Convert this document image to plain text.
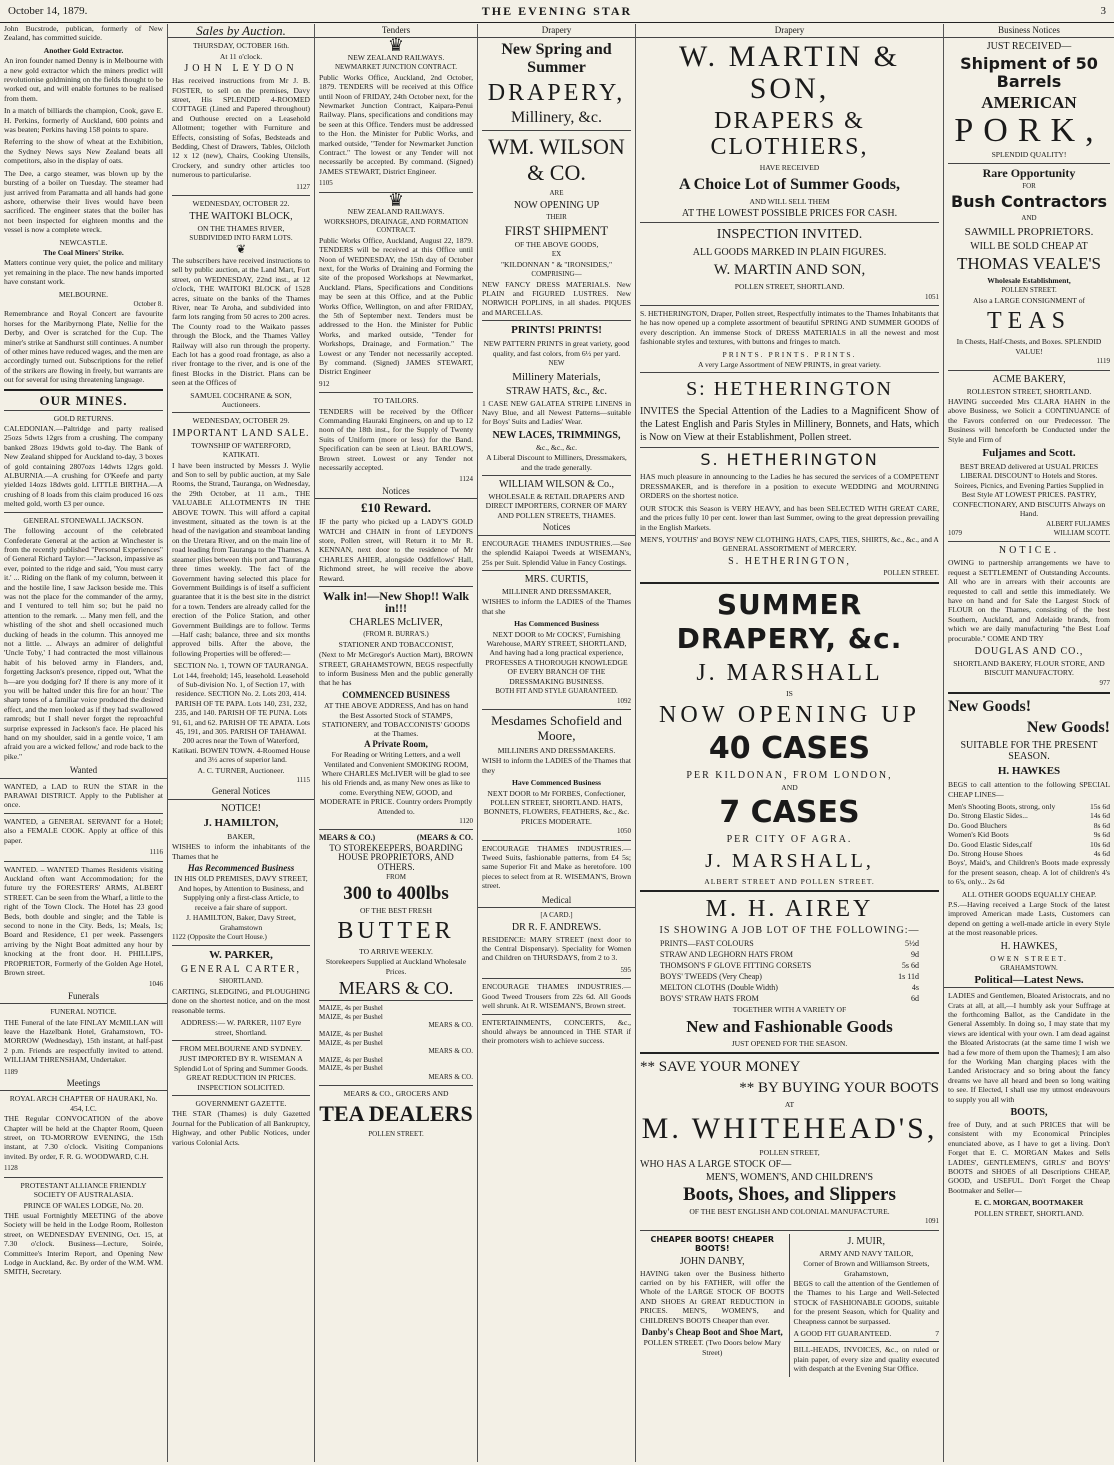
October 14, 1879.	THE EVENING STAR	3

John Bucstrode, publican, formerly of New Zealand, has committed suicide.

Another Gold Extractor.

An iron founder named Denny is in Melbourne with a new gold extractor which the miners predict will revolutionise goldmining on the fields thought to be worked out, and will enable fortunes to be realised from them.

In a match of billiards the champion, Cook, gave E. H. Perkins, formerly of Auckland, 600 points and was beaten; Perkins having 158 points to spare.

Referring to the show of wheat at the Exhibition, the Sydney News says New Zealand beats all competitors, also in the display of oats.

The Dee, a cargo steamer, was blown up by the bursting of a boiler on Tuesday. The steamer had just arrived from Paramatta and all hands had gone ashore, otherwise their lives would have been sacrificed. The engineer states that the boiler has not been inspected for eighteen months and the vessel is now a complete wreck.

NEWCASTLE.

The Coal Miners' Strike.

Matters continue very quiet, the police and military yet remaining in the place. The new hands imported have constant work.

MELBOURNE.

October 8.

Remembrance and Royal Concert are favourite horses for the Maribyrnong Plate, Nellie for the Derby, and Over is scratched for the Cup. The miner's strike at Sandhurst still continues. A number of other mines have reduced wages, and the men are accordingly turned out. Subscriptions for the relief of the strikers are flowing in freely, but warrants are out for several for using threatening language.

OUR MINES.

GOLD RETURNS.

CALEDONIAN.—Paltridge and party realised 25ozs 5dwts 12grs from a crushing. The company banked 28ozs 19dwts gold to-day. The Bank of New Zealand shipped for Auckland to-day, 3 boxes of gold containing 2807ozs 14dwts 12grs gold. ALBURNIA.—A crushing for O'Keefe and party yielded 14ozs 18dwts gold. LITTLE BIRTHA.—A crushing of 8 loads from this claim produced 16 ozs melted gold, worth £3 per ounce.

GENERAL STONEWALL JACKSON.

The following account of the celebrated Confederate General at the action at Winchester is from the recently published "Personal Experiences" of General Richard Taylor:—"Jackson, impassive as ever, pointed to the ridge and said, 'You must carry it.' ... Riding on the flank of my column, between it and the hostile line, I saw Jackson beside me. This was not the place for the commander of the army, and I ventured to tell him so; but he paid no attention to the remark. ... Many men fell, and the whistling of the shot and shell occasioned much ducking of heads in the column. This annoyed me not a little. ... Always an admirer of delightful 'Uncle Toby,' I had contracted the most villainous habit of his beloved army in Flanders, and, forgetting Jackson's presence, ripped out, 'What the h—are you dodging for? If there is any more of it you will be halted under this fire for an hour.' The sharp tones of a familiar voice produced the desired effect, and the men looked as if they had swallowed ramrods; but I shall never forget the reproachful surprise expressed in Jackson's face. He placed his hand on my shoulder, said in a gentle voice, 'I am afraid you are a wicked fellow,' and rode back to the pike."

Wanted

WANTED, a LAD to RUN the STAR in the PARAWAI DISTRICT. Apply to the Publisher at once.

WANTED, a GENERAL SERVANT for a Hotel; also a FEMALE COOK. Apply at office of this paper.

1116

WANTED. – WANTED Thames Residents visiting Auckland often want Accommodation; for the future try the FORESTERS' ARMS, ALBERT STREET. Can be seen from the Wharf, a little to the right of the Town Clock. The Hotel has 23 good Beds, both double and single; and the Table is second to none in the City. Beds, 1s; Meals, 1s; Board and Residence, £1 per week. Passengers arriving by the Night Boat admitted any hour by knocking at the front door. H. PHILLIPS, PROPRIETOR, Formerly of the Golden Age Hotel, Brown street.

1046

Funerals

FUNERAL NOTICE.

THE Funeral of the late FINLAY McMILLAN will leave the Hazelbank Hotel, Grahamstown, TO-MORROW (Wednesday), 15th instant, at half-past 2 p.m. Friends are respectfully invited to attend. WILLIAM THRENSHAM, Undertaker.

1189

Meetings

ROYAL ARCH CHAPTER OF HAURAKI, No. 454, I.C.

THE Regular CONVOCATION of the above Chapter will be held at the Chapter Room, Queen street, on TO-MORROW EVENING, the 15th instant, at 7.30 o'clock. Visiting Companions invited. By order, F. R. G. WOODWARD, C.H.

1128

PROTESTANT ALLIANCE FRIENDLY SOCIETY OF AUSTRALASIA.

PRINCE OF WALES LODGE, No. 20.

THE usual Fortnightly MEETING of the above Society will be held in the Lodge Room, Rolleston street, on WEDNESDAY EVENING, Oct. 15, at 7.30 o'clock. Business—Lecture, Soirée, Committee's Interim Report, and Opening New Lodge in Auckland, &c. By order of the W.M. WM. SMITH, Secretary.

Sales by Auction.

THURSDAY, OCTOBER 16th.

At 11 o'clock.

JOHN LEYDON

Has received instructions from Mr J. B. FOSTER, to sell on the premises, Davy street, His SPLENDID 4-ROOMED COTTAGE (Lined and Papered throughout) and Outhouse erected on a Leasehold Allotment; together with Furniture and Effects, consisting of Sofas, Bedsteads and Bedding, Chest of Drawers, Tables, Oilcloth 12 x 12 (new), Chairs, Cooking Utensils, Crockery, and sundry other articles too numerous to particularise.

1127

WEDNESDAY, OCTOBER 22.

THE WAITOKI BLOCK,

ON THE THAMES RIVER,

SUBDIVIDED INTO FARM LOTS.

❦

The subscribers have received instructions to sell by public auction, at the Land Mart, Fort street, on WEDNESDAY, 22nd inst., at 12 o'clock, THE WAITOKI BLOCK of 1528 acres, situate on the banks of the Thames River, near Te Aroha, and subdivided into farm lots ranging from 50 acres to 200 acres. The County road to the Waikato passes through the Block, and the Thames Valley Railway will also run through the property. Each lot has a good road frontage, as also a river frontage to the river, and is one of the finest Blocks in the District. Plans can be seen at the Offices of

SAMUEL COCHRANE & SON, Auctioneers.

WEDNESDAY, OCTOBER 29.

IMPORTANT LAND SALE.

TOWNSHIP OF WATERFORD, KATIKATI.

I have been instructed by Messrs J. Wylie and Son to sell by public auction, at my Sale Rooms, the Strand, Tauranga, on Wednesday, the 29th October, at 11 a.m., THE VALUABLE ALLOTMENTS IN THE ABOVE TOWN. This will afford a capital investment, situated as the town is at the head of the navigation and steamboat landing on the Uretara River, and on the main line of road leading from Tauranga to the Thames. A steamer plies between this port and Tauranga three times weekly. The fact of the Government having selected this place for Government Buildings is of itself a sufficient guarantee that it is the best site in the district for a town. Tenders are already called for the erection of the Police Station, and other Government Buildings are to follow. Terms—Half cash; balance, three and six months approved bills. After the above, the following Properties will be offered:—

SECTION No. 1, TOWN OF TAURANGA. Lot 144, freehold; 145, leasehold. Leasehold of Sub-division No. 1, of Section 17, with residence. SECTION No. 2. Lots 203, 414. PARISH OF TE PAPA. Lots 140, 231, 232, 235, and 140. PARISH OF TE PUNA. Lots 91, 61, and 62. PARISH OF TE APATA. Lots 45, 191, and 305. PARISH OF TAHAWAI. 200 acres near the Town of Waterford, Katikati. BOWEN TOWN. 4-Roomed House and 3½ acres of superior land.

A. C. TURNER, Auctioneer.

1115

General Notices

NOTICE!

J. HAMILTON,

BAKER,

WISHES to inform the inhabitants of the Thames that he

Has Recommenced Business

IN HIS OLD PREMISES, DAVY STREET, And hopes, by Attention to Business, and Supplying only a first-class Article, to receive a fair share of support.

J. HAMILTON, Baker, Davy Street, Grahamstown

1122 (Opposite the Court House.)

W. PARKER,

GENERAL CARTER,

SHORTLAND.

CARTING, SLEDGING, and PLOUGHING done on the shortest notice, and on the most reasonable terms.

ADDRESS:— W. PARKER, 1107 Eyre street, Shortland.

FROM MELBOURNE AND SYDNEY.

JUST IMPORTED BY R. WISEMAN A Splendid Lot of Spring and Summer Goods. GREAT REDUCTION IN PRICES. INSPECTION SOLICITED.

GOVERNMENT GAZETTE.

THE STAR (Thames) is duly Gazetted Journal for the Publication of all Bankruptcy, Highway, and other Public Notices, under various Colonial Acts.

Tenders
♛

NEW ZEALAND RAILWAYS.

NEWMARKET JUNCTION CONTRACT.

Public Works Office, Auckland, 2nd October, 1879. TENDERS will be received at this Office until Noon of FRIDAY, 24th October next, for the Newmarket Junction Contract, Kaipara-Penui Railway. Plans, specifications and conditions may be seen at this Office. Tenders must be addressed to the Hon. the Minister for Public Works, and marked outside, "Tender for Newmarket Junction Contract." The lowest or any Tender will not necessarily be accepted. By command. (Signed) JAMES STEWART, District Engineer.

1105

♛

NEW ZEALAND RAILWAYS.

WORKSHOPS, DRAINAGE, AND FORMATION CONTRACT.

Public Works Office, Auckland, August 22, 1879. TENDERS will be received at this Office until Noon of WEDNESDAY, the 15th day of October next, for the Works of Draining and Forming the site of the proposed Workshops at Newmarket, Auckland. Plans, Specifications and Conditions may be seen at this Office, and at the Public Works Office, Wellington, on and after FRIDAY, the 5th of September next. Tenders must be addressed to the Hon. the Minister for Public Works, and marked outside, "Tender for Workshops, Drainage, and Formation." The Lowest or any Tender not necessarily accepted. By command. (Signed) JAMES STEWART, District Engineer

912

TO TAILORS.

TENDERS will be received by the Officer Commanding Hauraki Engineers, on and up to 12 noon of the 18th inst., for the Supply of Twenty Suits of Uniform (more or less) for the Band. Specification can be seen at Lieut. BARLOW'S, Brown street. Lowest or any Tender not necessarily accepted.

1124

Notices

£10 Reward.

IF the party who picked up a LADY'S GOLD WATCH and CHAIN in front of LEYDON'S store, Pollen street, will Return it to Mr R. KENNAN, next door to the residence of Mr CHARLES AHIER, alongside Oddfellows' Hall, Richmond street, he will receive the above Reward.

Walk in!—New Shop!! Walk in!!!

CHARLES McLIVER,

(FROM R. BURRA'S.)

STATIONER AND TOBACCONIST,

(Next to Mr McGregor's Auction Mart), BROWN STREET, GRAHAMSTOWN, BEGS respectfully to inform Business Men and the public generally that he has

COMMENCED BUSINESS

AT THE ABOVE ADDRESS, And has on hand the Best Assorted Stock of STAMPS, STATIONERY, and TOBACCONISTS' GOODS at the Thames.

A Private Room,

For Reading or Writing Letters, and a well Ventilated and Convenient SMOKING ROOM, Where CHARLES McLIVER will be glad to see his old Friends and, as many New ones as like to come. Everything NEW, GOOD, and MODERATE in PRICE. Country orders Promptly Attended to.

1120

MEARS & CO.)	(MEARS & CO.

TO STOREKEEPERS, BOARDING HOUSE PROPRIETORS, AND OTHERS.

FROM

300 to 400lbs

OF THE BEST FRESH

BUTTER

TO ARRIVE WEEKLY.

Storekeepers Supplied at Auckland Wholesale Prices.

MEARS & CO.

MAIZE, 4s per Bushel
MAIZE, 4s per Bushel
MEARS & CO.
MAIZE, 4s per Bushel
MAIZE, 4s per Bushel
MEARS & CO.
MAIZE, 4s per Bushel
MAIZE, 4s per Bushel
MEARS & CO.

MEARS & CO., GROCERS AND

TEA DEALERS

POLLEN STREET.

Drapery

New Spring and Summer

DRAPERY,

Millinery, &c.

WM. WILSON & CO.

ARE

NOW OPENING UP

THEIR

FIRST SHIPMENT

OF THE ABOVE GOODS,

EX

"KILDONNAN " & "IRONSIDES,"

COMPRISING—

NEW FANCY DRESS MATERIALS. New PLAIN and FIGURED LUSTRES. New NORWICH POPLINS, in all shades. PIQUES and MARCELLAS.

PRINTS! PRINTS!

NEW PATTERN PRINTS in great variety, good quality, and fast colors, from 6½ per yard.

NEW

Millinery Materials,

STRAW HATS, &c., &c.

1 CASE NEW GALATEA STRIPE LINENS in Navy Blue, and all Newest Patterns—suitable for Boys' Suits and Ladies' Wear.

NEW LACES, TRIMMINGS,

&c., &c., &c.

A Liberal Discount to Milliners, Dressmakers, and the trade generally.

WILLIAM WILSON & Co.,

WHOLESALE & RETAIL DRAPERS AND DIRECT IMPORTERS, CORNER OF MARY AND POLLEN STREETS, THAMES.

Notices

ENCOURAGE THAMES INDUSTRIES.—See the splendid Kaiapoi Tweeds at WISEMAN's, 25s per Suit. Splendid Value in Fancy Costings.

MRS. CURTIS,

MILLINER AND DRESSMAKER,

WISHES to inform the LADIES of the Thames that she

Has Commenced Business

NEXT DOOR to Mr COCKS', Furnishing Warehouse, MARY STREET, SHORTLAND, And having had a long practical experience, PROFESSES A THOROUGH KNOWLEDGE OF EVERY BRANCH OF THE DRESSMAKING BUSINESS.

BOTH FIT AND STYLE GUARANTEED.

1092

Mesdames Schofield and Moore,

MILLINERS AND DRESSMAKERS.

WISH to inform the LADIES of the Thames that they

Have Commenced Business

NEXT DOOR to Mr FORBES, Confectioner, POLLEN STREET, SHORTLAND. HATS, BONNETS, FLOWERS, FEATHERS, &c., &c. PRICES MODERATE.

1050

ENCOURAGE THAMES INDUSTRIES.—Tweed Suits, fashionable patterns, from £4 5s; same Superior Fit and Make as heretofore. 100 pieces to select from at R. WISEMAN'S, Brown street.

Medical

[A CARD.]

DR R. F. ANDREWS.

RESIDENCE: MARY STREET (next door to the Central Dispensary). Speciality for Women and Children on THURSDAYS, from 2 to 3.

595

ENCOURAGE THAMES INDUSTRIES.—Good Tweed Trousers from 22s 6d. All Goods well shrunk. At R. WISEMAN'S, Brown street.

ENTERTAINMENTS, CONCERTS, &c., should always be announced in THE STAR if their promoters wish to achieve success.

Drapery

W. MARTIN & SON,

DRAPERS & CLOTHIERS,

HAVE RECEIVED

A Choice Lot of Summer Goods,

AND WILL SELL THEM

AT THE LOWEST POSSIBLE PRICES FOR CASH.

INSPECTION INVITED.

ALL GOODS MARKED IN PLAIN FIGURES.

W. MARTIN AND SON,

POLLEN STREET, SHORTLAND.

1051

S. HETHERINGTON, Draper, Pollen street, Respectfully intimates to the Thames Inhabitants that he has now opened up a complete assortment of beautiful SPRING AND SUMMER GOODS of every description. An immense Stock of DRESS MATERIALS in all the newest and most fashionable styles and textures, with buttons and fringes to match.

PRINTS. PRINTS. PRINTS.

A very Large Assortment of NEW PRINTS, in great variety.

S: HETHERINGTON

INVITES the Special Attention of the Ladies to a Magnificent Show of the Latest English and Paris Styles in Millinery, Bonnets, and Hats, which is Now on View at their Establishment, Pollen street.

S. HETHERINGTON

HAS much pleasure in announcing to the Ladies he has secured the services of a COMPETENT DRESSMAKER, and is therefore in a position to execute WEDDING and MOURNING ORDERS on the shortest notice.

OUR STOCK this Season is VERY HEAVY, and has been SELECTED WITH GREAT CARE, and the prices fully 10 per cent. lower than last Summer, owing to the great depression prevailing in the English Markets.

MEN'S, YOUTHS' and BOYS' NEW CLOTHING HATS, CAPS, TIES, SHIRTS, &c., &c., and A GENERAL ASSORTMENT of MERCERY.

S. HETHERINGTON,

POLLEN STREET.

SUMMER DRAPERY, &c.

J. MARSHALL

IS

NOW OPENING UP

40 CASES

PER KILDONAN, FROM LONDON,

AND

7 CASES

PER CITY OF AGRA.

J. MARSHALL,

ALBERT STREET AND POLLEN STREET.

M. H. AIREY

IS SHOWING A JOB LOT OF THE FOLLOWING:—

PRINTS—FAST COLOURS	5½d
STRAW AND LEGHORN HATS FROM	9d
THOMSON'S F GLOVE FITTING CORSETS	5s 6d
BOYS' TWEEDS (Very Cheap)	1s 11d
MELTON CLOTHS (Double Width)	4s
BOYS' STRAW HATS FROM	6d

TOGETHER WITH A VARIETY OF

New and Fashionable Goods

JUST OPENED FOR THE SEASON.

** SAVE YOUR MONEY

** BY BUYING YOUR BOOTS

AT

M. WHITEHEAD'S,

POLLEN STREET,

WHO HAS A LARGE STOCK OF—

MEN'S, WOMEN'S, AND CHILDREN'S

Boots, Shoes, and Slippers

OF THE BEST ENGLISH AND COLONIAL MANUFACTURE.

1091

CHEAPER BOOTS! CHEAPER BOOTS!

JOHN DANBY,

HAVING taken over the Business hitherto carried on by his FATHER, will offer the Whole of the LARGE STOCK OF BOOTS AND SHOES At GREAT REDUCTION in PRICES. MEN'S, WOMEN'S, and CHILDREN'S BOOTS Cheaper than ever.

Danby's Cheap Boot and Shoe Mart,

POLLEN STREET. (Two Doors below Mary Street)

J. MUIR,

ARMY AND NAVY TAILOR,

Corner of Brown and Williamson Streets, Grahamstown,

BEGS to call the attention of the Gentlemen of the Thames to his Large and Well-Selected STOCK of FASHIONABLE GOODS, suitable for the present Season, which for Quality and Cheapness cannot be surpassed.

A GOOD FIT GUARANTEED.	7

BILL-HEADS, INVOICES, &c., on ruled or plain paper, of every size and quality executed with despatch at the Evening Star Office.

Business Notices

JUST RECEIVED—

Shipment of 50 Barrels

AMERICAN

PORK,

SPLENDID QUALITY!

Rare Opportunity

FOR

Bush Contractors

AND

SAWMILL PROPRIETORS.

WILL BE SOLD CHEAP AT

THOMAS VEALE'S

Wholesale Establishment,

POLLEN STREET.

Also a LARGE CONSIGNMENT of

TEAS

In Chests, Half-Chests, and Boxes. SPLENDID VALUE!

1119

ACME BAKERY,

ROLLESTON STREET, SHORTLAND.

HAVING succeeded Mrs CLARA HAHN in the above Business, we Solicit a CONTINUANCE of the Favors conferred on our Predecessor. The Business will henceforth be Conducted under the Style and Firm of

Fuljames and Scott.

BEST BREAD delivered at USUAL PRICES LIBERAL DISCOUNT to Hotels and Stores. Soirees, Picnics, and Evening Parties Supplied in Best Style AT LOWEST PRICES. PASTRY, CONFECTIONARY, AND BISCUITS Always on Hand.

ALBERT FULJAMES

1079	WILLIAM SCOTT.

NOTICE.

OWING to partnership arrangements we have to request a SETTLEMENT of Outstanding Accounts. All who are in arrears with their accounts are requested to call and settle this immediately. We have on hand and for Sale the Largest Stock of FLOUR on the Thames, consisting of the best Southern, Auckland, and Adelaide brands, from which we are daily manufacturing "the Best Loaf procurable." COME AND TRY

DOUGLAS AND CO.,

SHORTLAND BAKERY, FLOUR STORE, AND BISCUIT MANUFACTORY.

977

New Goods!

New Goods!

SUITABLE FOR THE PRESENT SEASON.

H. HAWKES

BEGS to call attention to the following SPECIAL CHEAP LINES—

Men's Shooting Boots, strong, only	15s 6d
Do. Strong Elastic Sides...	14s 6d
Do. Good Bluchers	8s 6d
Women's Kid Boots	9s 6d
Do. Good Elastic Sides,calf	10s 6d
Do. Strong House Shoes	4s 6d

Boys', Maid's, and Children's Boots made expressly for the present season, cheap. A lot of children's 4's to 6's, only... 2s 6d

ALL OTHER GOODS EQUALLY CHEAP.

P.S.—Having received a Large Stock of the latest improved American made Lasts, Customers can depend on getting a well-made article in every Style at the most reasonable prices.

H. HAWKES,

OWEN STREET.

GRAHAMSTOWN.

Political—Latest News.

LADIES and Gentlemen, Bloated Aristocrats, and no Crats at all, at all,—I humbly ask your Suffrage at the forthcoming Ballot, as the Candidate in the General Assembly. In doing so, I may state that my views are identical with your own. I am dead against the Bloated Aristocrats (at the same time I wish we had a few more of them upon the Thames); I am also for the Working Man charging places with the Landed Aristocracy and so bring about the fancy dreams we have all heard and been so long waiting to see. If Elected, I shall use my utmost endeavours to supply you all with

BOOTS,

free of Duty, and at such PRICES that will be consistent with my Economical Principles enunciated above, as I have to get a living. Don't Forget that E. C. MORGAN Makes and Sells LADIES', GENTLEMEN'S, GIRLS' and BOYS' BOOTS and SHOES of all Descriptions CHEAP, GOOD, and USEFUL. Don't Forget the Cheap Bootmaker and Seller—

E. C. MORGAN, BOOTMAKER

POLLEN STREET, SHORTLAND.
